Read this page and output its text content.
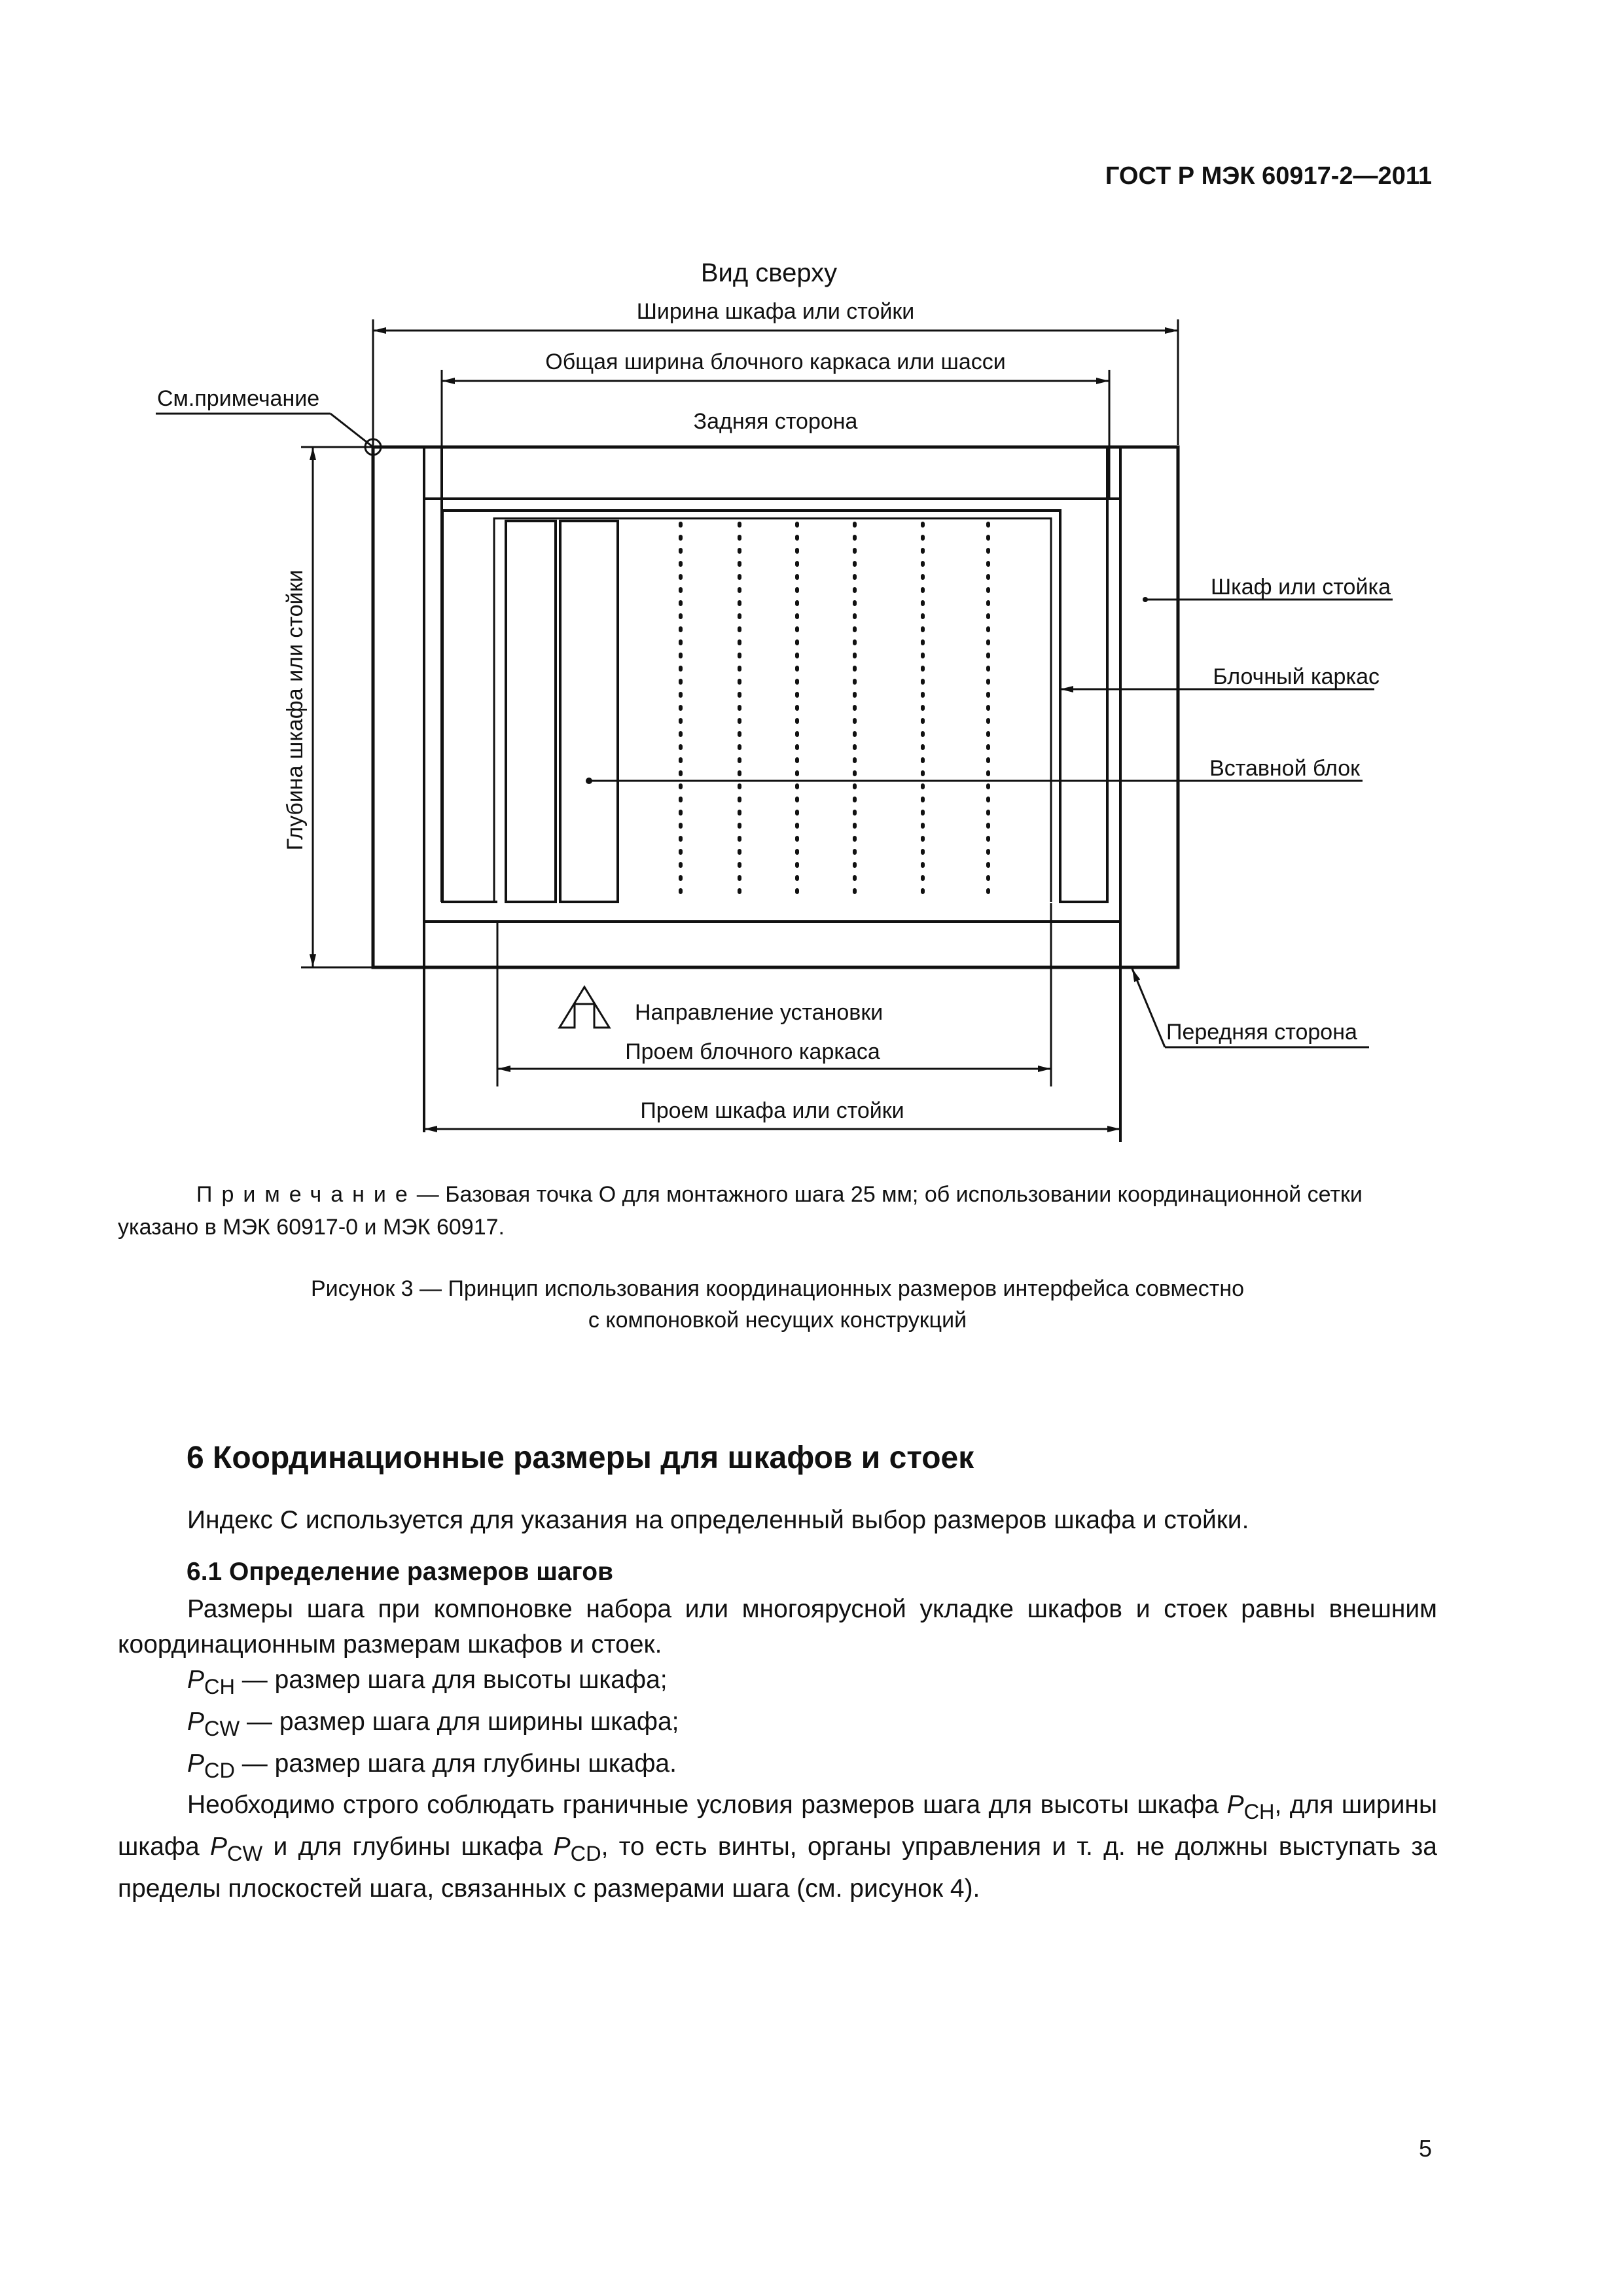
ГОСТ Р МЭК 60917-2—2011
Вид сверху
Ширина шкафа или стойки
Общая ширина блочного каркаса или шасси
См.примечание
Задняя сторона
Глубина шкафа или стойки	Шкаф или стойка
Блочный каркас
Вставной блок
Передняя сторона
Направление установки
Проем блочного каркаса
Проем шкафа или стойки
Примечание— Базовая точка О для монтажного шага 25 мм; об использовании координационной сетки указано в МЭК 60917-0 и МЭК 60917.
Рисунок 3 — Принцип использования координационных размеров интерфейса совместно
с компоновкой несущих конструкций
6 Координационные размеры для шкафов и стоек

Индекс С используется для указания на определенный выбор размеров шкафа и стойки.

6.1 Определение размеров шагов

Размеры шага при компоновке набора или многоярусной укладке шкафов и стоек равны внешним координационным размерам шкафов и стоек.

$P_{CH}$ — размер шага для высоты шкафа;

$P_{CW}$ — размер шага для ширины шкафа;

$P_{CD}$ — размер шага для глубины шкафа.

Необходимо строго соблюдать граничные условия размеров шага для высоты шкафа $P_{CH}$, для ширины шкафа $P_{CW}$ и для глубины шкафа $P_{CD}$, то есть винты, органы управления и т. д. не должны выступать за пределы плоскостей шага, связанных с размерами шага (см. рисунок 4).

5
